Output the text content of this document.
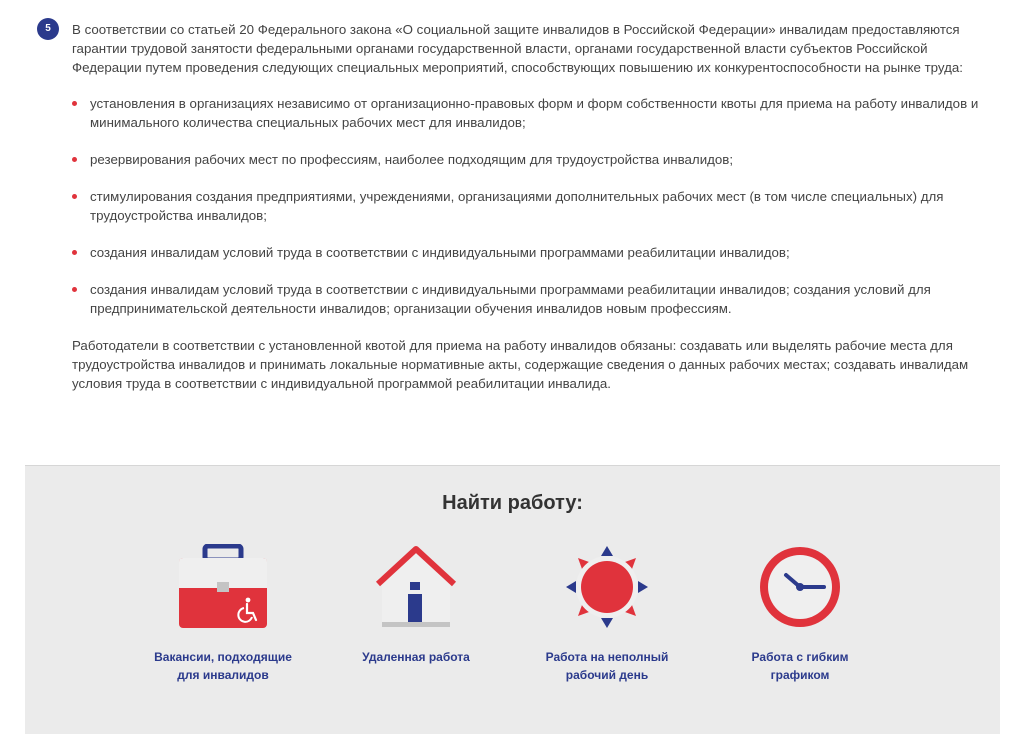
5	В соответствии со статьей 20 Федерального закона «О социальной защите инвалидов в Российской Федерации» инвалидам предоставляются гарантии трудовой занятости федеральными органами государственной власти, органами государственной власти субъектов Российской Федерации путем проведения следующих специальных мероприятий, способствующих повышению их конкурентоспособности на рынке труда:

установления в организациях независимо от организационно-правовых форм и форм собственности квоты для приема на работу инвалидов и минимального количества специальных рабочих мест для инвалидов;
резервирования рабочих мест по профессиям, наиболее подходящим для трудоустройства инвалидов;
стимулирования создания предприятиями, учреждениями, организациями дополнительных рабочих мест (в том числе специальных) для трудоустройства инвалидов;
создания инвалидам условий труда в соответствии с индивидуальными программами реабилитации инвалидов;
создания инвалидам условий труда в соответствии с индивидуальными программами реабилитации инвалидов; создания условий для предпринимательской деятельности инвалидов; организации обучения инвалидов новым профессиям.

Работодатели в соответствии с установленной квотой для приема на работу инвалидов обязаны: создавать или выделять рабочие места для трудоустройства инвалидов и принимать локальные нормативные акты, содержащие сведения о данных рабочих местах; создавать инвалидам условия труда в соответствии с индивидуальной программой реабилитации инвалида.

Найти работу:
Вакансии, подходящие
для инвалидов
Удаленная работа	Работа на неполный
рабочий день
Работа с гибким
графиком
